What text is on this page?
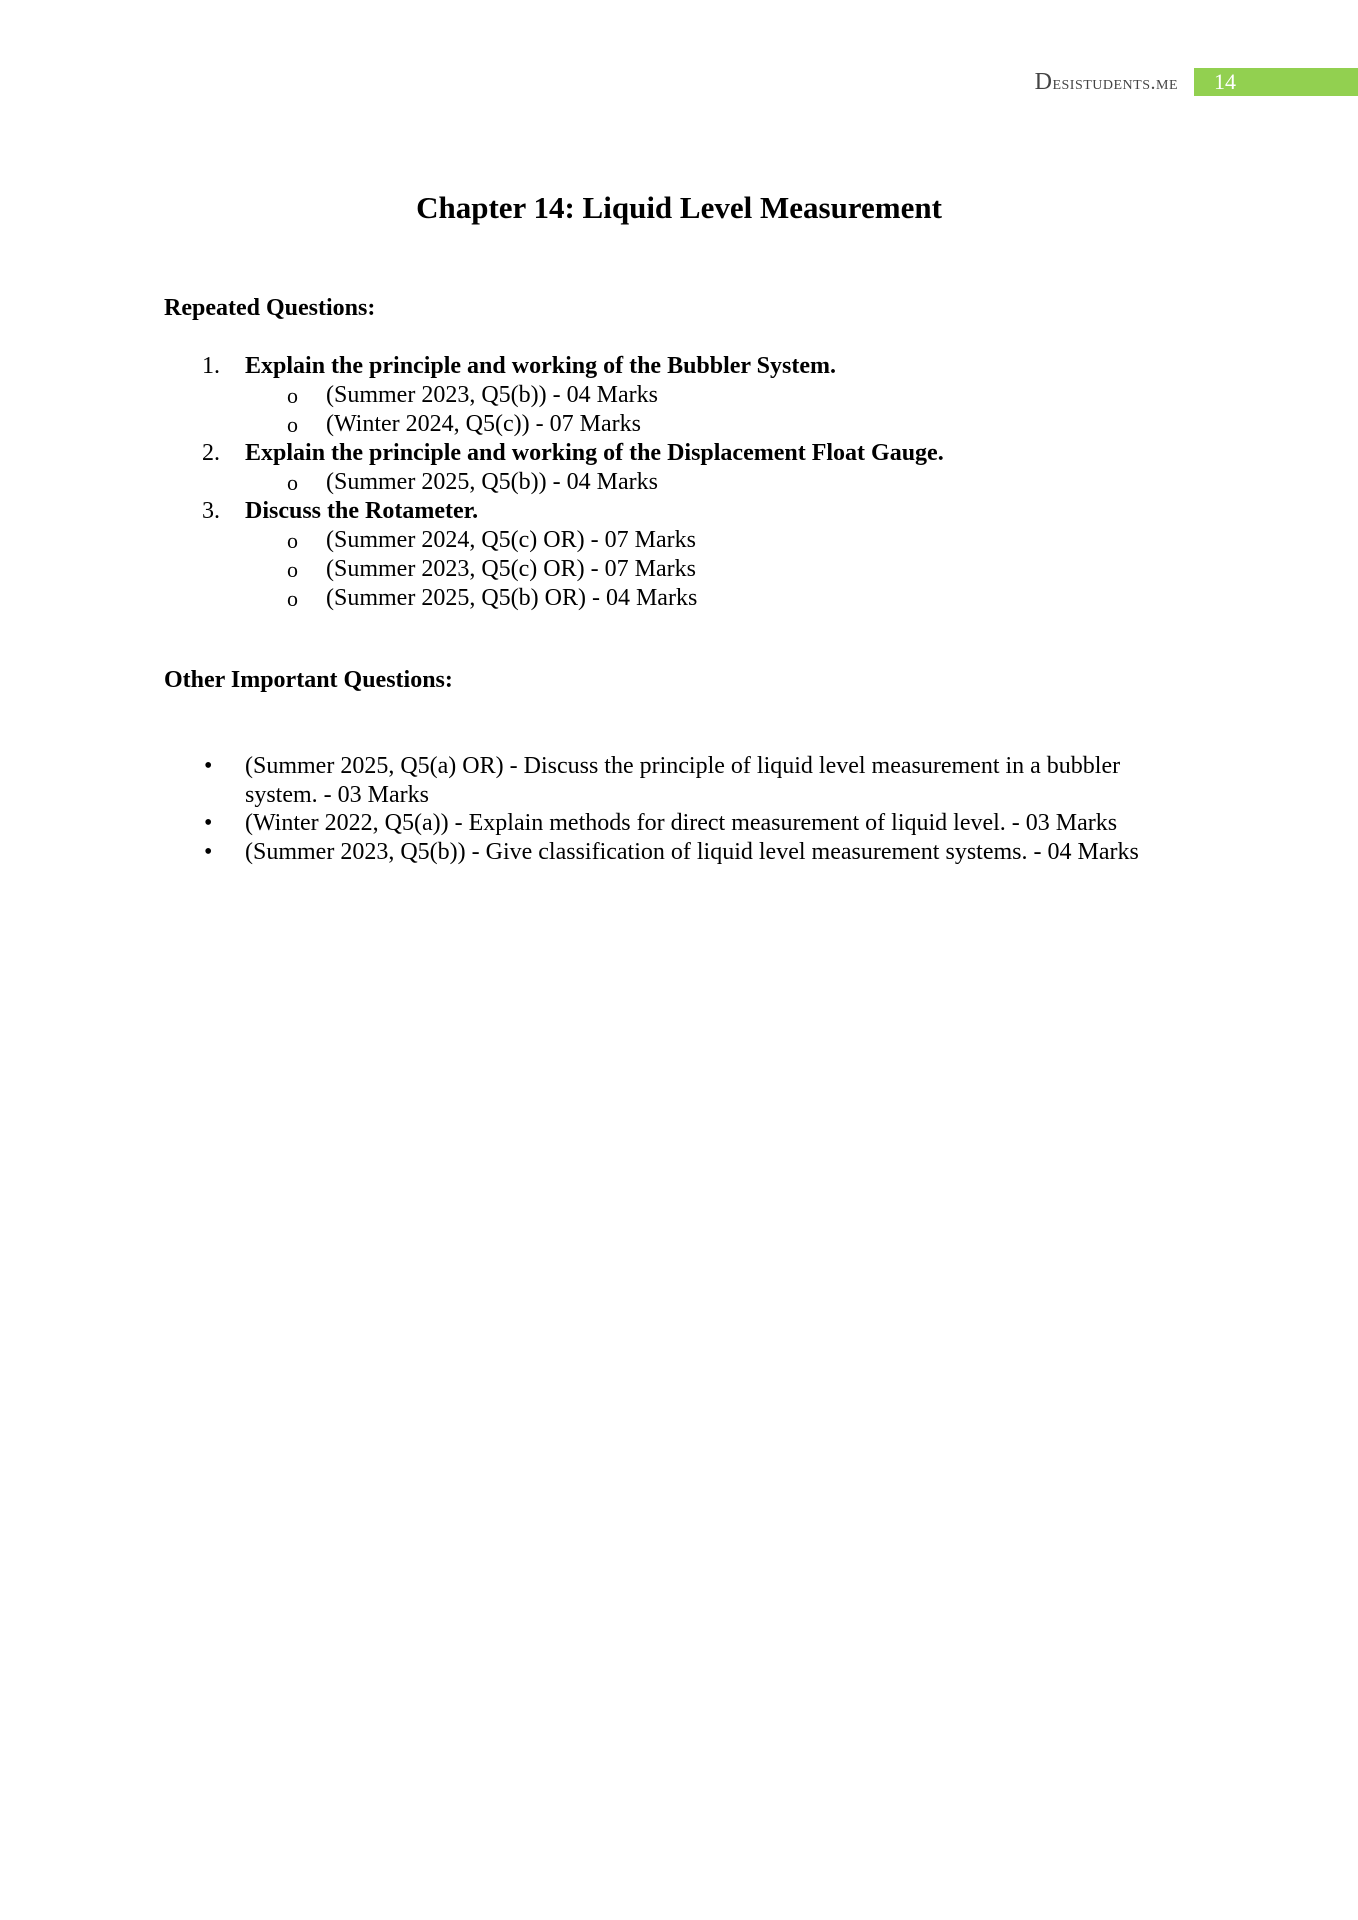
Desistudents.me	14
Chapter 14: Liquid Level Measurement
Repeated Questions:
1. Explain the principle and working of the Bubbler System.
o (Summer 2023, Q5(b)) - 04 Marks
o (Winter 2024, Q5(c)) - 07 Marks
2. Explain the principle and working of the Displacement Float Gauge.
o (Summer 2025, Q5(b)) - 04 Marks
3. Discuss the Rotameter.
o (Summer 2024, Q5(c) OR) - 07 Marks
o (Summer 2023, Q5(c) OR) - 07 Marks
o (Summer 2025, Q5(b) OR) - 04 Marks
Other Important Questions:
• (Summer 2025, Q5(a) OR) - Discuss the principle of liquid level measurement in a bubbler system. - 03 Marks
• (Winter 2022, Q5(a)) - Explain methods for direct measurement of liquid level. - 03 Marks
• (Summer 2023, Q5(b)) - Give classification of liquid level measurement systems. - 04 Marks
